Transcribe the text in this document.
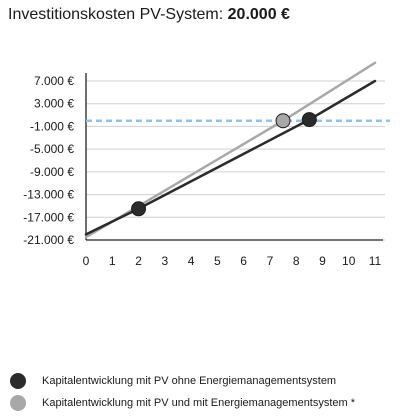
Investitionskosten PV-System: 20.000 €
7.000 €
3.000 €
-1.000 €
-5.000 €
-9.000 €
-13.000 €
-17.000 €
-21.000 €
0 1 2 3 4 5 6 7 8 9 10 11
Kapitalentwicklung mit PV ohne Energiemanagementsystem
Kapitalentwicklung mit PV und mit Energiemanagementsystem *
